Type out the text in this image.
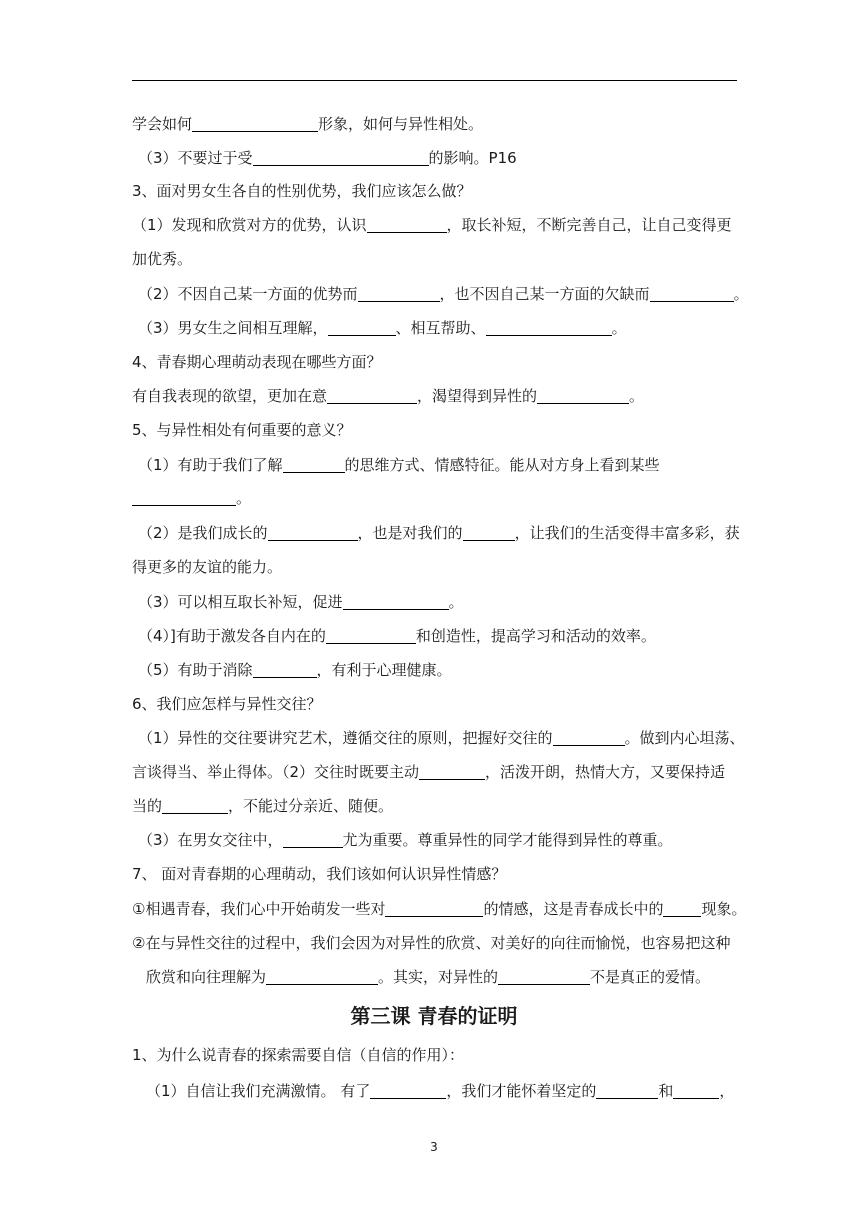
学会如何	形象，如何与异性相处。
（3）不要过于受	的影响。P16
3、面对男女生各自的性别优势，我们应该怎么做？
（1）发现和欣赏对方的优势，认识	，取长补短，不断完善自己，让自己变得更
加优秀。
（2）不因自己某一方面的优势而	，也不因自己某一方面的欠缺而	。
（3）男女生之间相互理解，	、相互帮助、	。
4、青春期心理萌动表现在哪些方面？
有自我表现的欲望，更加在意	，渴望得到异性的	。
5、与异性相处有何重要的意义？
（1）有助于我们了解	的思维方式、情感特征。能从对方身上看到某些
。
（2）是我们成长的	，也是对我们的	，让我们的生活变得丰富多彩，获
得更多的友谊的能力。
（3）可以相互取长补短，促进	。
（4）]有助于激发各自内在的	和创造性，提高学习和活动的效率。
（5）有助于消除	，有利于心理健康。
6、我们应怎样与异性交往？
（1）异性的交往要讲究艺术，遵循交往的原则，把握好交往的	。做到内心坦荡、
言谈得当、举止得体。（2）交往时既要主动	，活泼开朗，热情大方，又要保持适
当的	，不能过分亲近、随便。
（3）在男女交往中，	尤为重要。尊重异性的同学才能得到异性的尊重。
7、 面对青春期的心理萌动，我们该如何认识异性情感？
①相遇青春，我们心中开始萌发一些对	的情感，这是青春成长中的	现象。
②在与异性交往的过程中，我们会因为对异性的欣赏、对美好的向往而愉悦，也容易把这种
欣赏和向往理解为	。其实，对异性的	不是真正的爱情。
1、为什么说青春的探索需要自信（自信的作用）：
（1）自信让我们充满激情。 有了	，我们才能怀着坚定的	和	，
第三课 青春的证明
3
